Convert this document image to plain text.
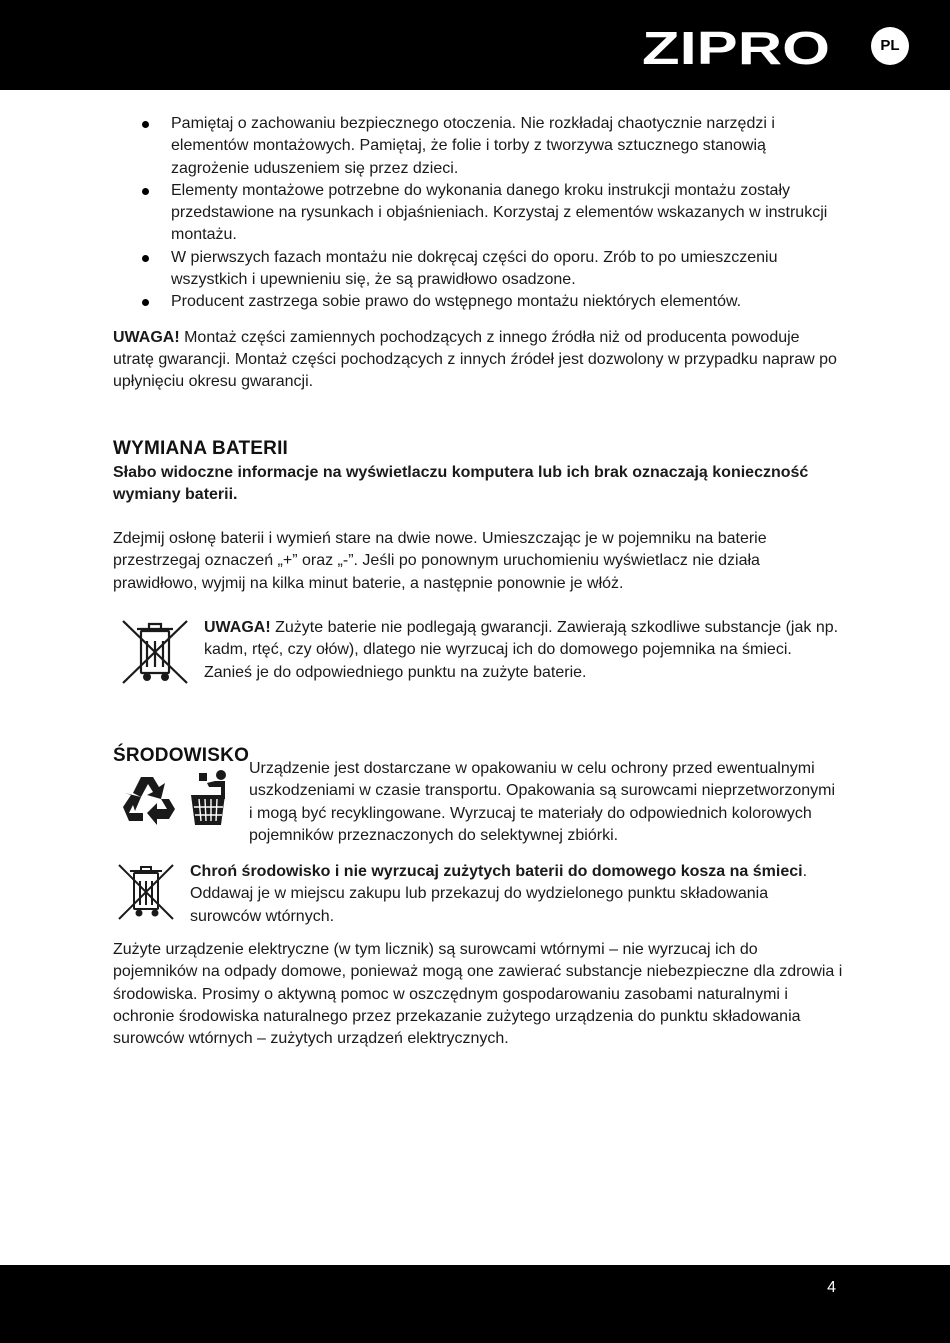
ZIPRO	PL
Pamiętaj o zachowaniu bezpiecznego otoczenia. Nie rozkładaj chaotycznie narzędzi i elementów montażowych. Pamiętaj, że folie i torby z tworzywa sztucznego stanowią zagrożenie uduszeniem się przez dzieci.
Elementy montażowe potrzebne do wykonania danego kroku instrukcji montażu zostały przedstawione na rysunkach i objaśnieniach. Korzystaj z elementów wskazanych w instrukcji montażu.
W pierwszych fazach montażu nie dokręcaj części do oporu. Zrób to po umieszczeniu wszystkich i upewnieniu się, że są prawidłowo osadzone.
Producent zastrzega sobie prawo do wstępnego montażu niektórych elementów.

UWAGA! Montaż części zamiennych pochodzących z innego źródła niż od producenta powoduje utratę gwarancji. Montaż części pochodzących z innych źródeł jest dozwolony w przypadku napraw po upłynięciu okresu gwarancji.

WYMIANA BATERII

Słabo widoczne informacje na wyświetlaczu komputera lub ich brak oznaczają konieczność wymiany baterii.

Zdejmij osłonę baterii i wymień stare na dwie nowe. Umieszczając je w pojemniku na baterie przestrzegaj oznaczeń „+” oraz „-”. Jeśli po ponownym uruchomieniu wyświetlacz nie działa prawidłowo, wyjmij na kilka minut baterie, a następnie ponownie je włóż.

UWAGA! Zużyte baterie nie podlegają gwarancji. Zawierają szkodliwe substancje (jak np. kadm, rtęć, czy ołów), dlatego nie wyrzucaj ich do domowego pojemnika na śmieci. Zanieś je do odpowiedniego punktu na zużyte baterie.

ŚRODOWISKO

Urządzenie jest dostarczane w opakowaniu w celu ochrony przed ewentualnymi uszkodzeniami w czasie transportu. Opakowania są surowcami nieprzetworzonymi i mogą być recyklingowane. Wyrzucaj te materiały do odpowiednich kolorowych pojemników przeznaczonych do selektywnej zbiórki.

Chroń środowisko i nie wyrzucaj zużytych baterii do domowego kosza na śmieci. Oddawaj je w miejscu zakupu lub przekazuj do wydzielonego punktu składowania surowców wtórnych.

Zużyte urządzenie elektryczne (w tym licznik) są surowcami wtórnymi – nie wyrzucaj ich do pojemników na odpady domowe, ponieważ mogą one zawierać substancje niebezpieczne dla zdrowia i środowiska. Prosimy o aktywną pomoc w oszczędnym gospodarowaniu zasobami naturalnymi i ochronie środowiska naturalnego przez przekazanie zużytego urządzenia do punktu składowania surowców wtórnych – zużytych urządzeń elektrycznych.

4
